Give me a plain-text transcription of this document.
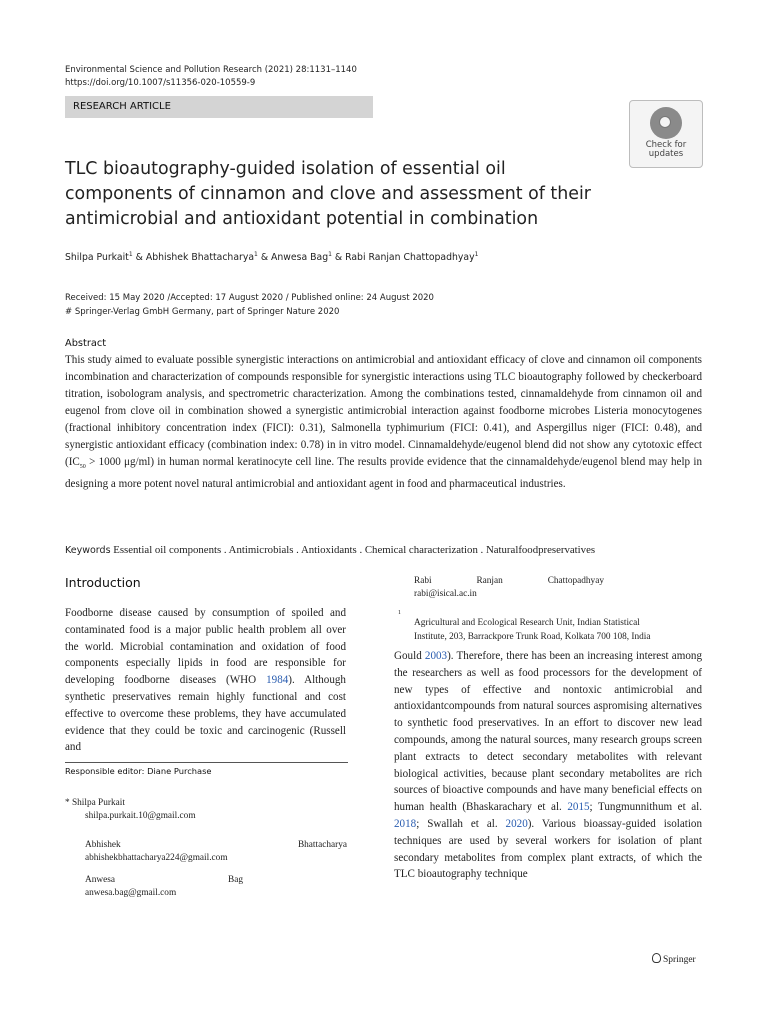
Environmental Science and Pollution Research (2021) 28:1131–1140
https://doi.org/10.1007/s11356-020-10559-9
RESEARCH ARTICLE
Check for
updates
TLC bioautography-guided isolation of essential oil
components of cinnamon and clove and assessment of their
antimicrobial and antioxidant potential in combination
Shilpa Purkait$^1$ & Abhishek Bhattacharya$^1$ & Anwesa Bag$^1$ & Rabi Ranjan Chattopadhyay$^1$
Received: 15 May 2020 /Accepted: 17 August 2020 / Published online: 24 August 2020
# Springer-Verlag GmbH Germany, part of Springer Nature 2020
Abstract
This study aimed to evaluate possible synergistic interactions on antimicrobial and antioxidant efficacy of clove and cinnamon oil components incombination and characterization of compounds responsible for synergistic interactions using TLC bioautography followed by checkerboard titration, isobologram analysis, and spectrometric characterization. Among the combinations tested, cinnamaldehyde from cinnamon oil and eugenol from clove oil in combination showed a synergistic antimicrobial interaction against foodborne microbes Listeria monocytogenes (fractional inhibitory concentration index (FICI): 0.31), Salmonella typhimurium (FICI: 0.41), and Aspergillus niger (FICI: 0.48), and synergistic antioxidant efficacy (combination index: 0.78) in in vitro model. Cinnamaldehyde/eugenol blend did not show any cytotoxic effect ($IC_{50} > 1000$ μg/ml) in human normal keratinocyte cell line. The results provide evidence that the cinnamaldehyde/eugenol blend may help in designing a more potent novel natural antimicrobial and antioxidant agent in food and pharmaceutical industries.
Keywords Essential oil components . Antimicrobials . Antioxidants . Chemical characterization . Naturalfoodpreservatives
Introduction
Foodborne disease caused by consumption of spoiled and contaminated food is a major public health problem all over the world. Microbial contamination and oxidation of food components especially lipids in food are responsible for developing foodborne diseases (WHO 1984). Although synthetic preservatives remain highly functional and cost effective to overcome these problems, they have accumulated evidence that they could be toxic and carcinogenic (Russell and
Responsible editor: Diane Purchase
* Shilpa Purkait
shilpa.purkait.10@gmail.com
Abhishek	Bhattacharya
abhishekbhattacharya224@gmail.com
Anwesa	Bag
anwesa.bag@gmail.com
Rabi	Ranjan	Chattopadhyay
rabi@isical.ac.in
1
Agricultural and Ecological Research Unit, Indian Statistical
Institute, 203, Barrackpore Trunk Road, Kolkata 700 108, India
Gould 2003). Therefore, there has been an increasing interest among the researchers as well as food processors for the development of new types of effective and nontoxic antimicrobial and antioxidantcompounds from natural sources aspromising alternatives to synthetic food preservatives. In an effort to discover new lead compounds, among the natural sources, many research groups screen plant extracts to detect secondary metabolites with relevant biological activities, because plant secondary metabolites are rich sources of bioactive compounds and have many beneficial effects on human health (Bhaskarachary et al. 2015; Tungmunnithum et al. 2018; Swallah et al. 2020). Various bioassay-guided isolation techniques are used by several workers for isolation of plant secondary metabolites from complex plant extracts, of which the TLC bioautography technique
Springer
